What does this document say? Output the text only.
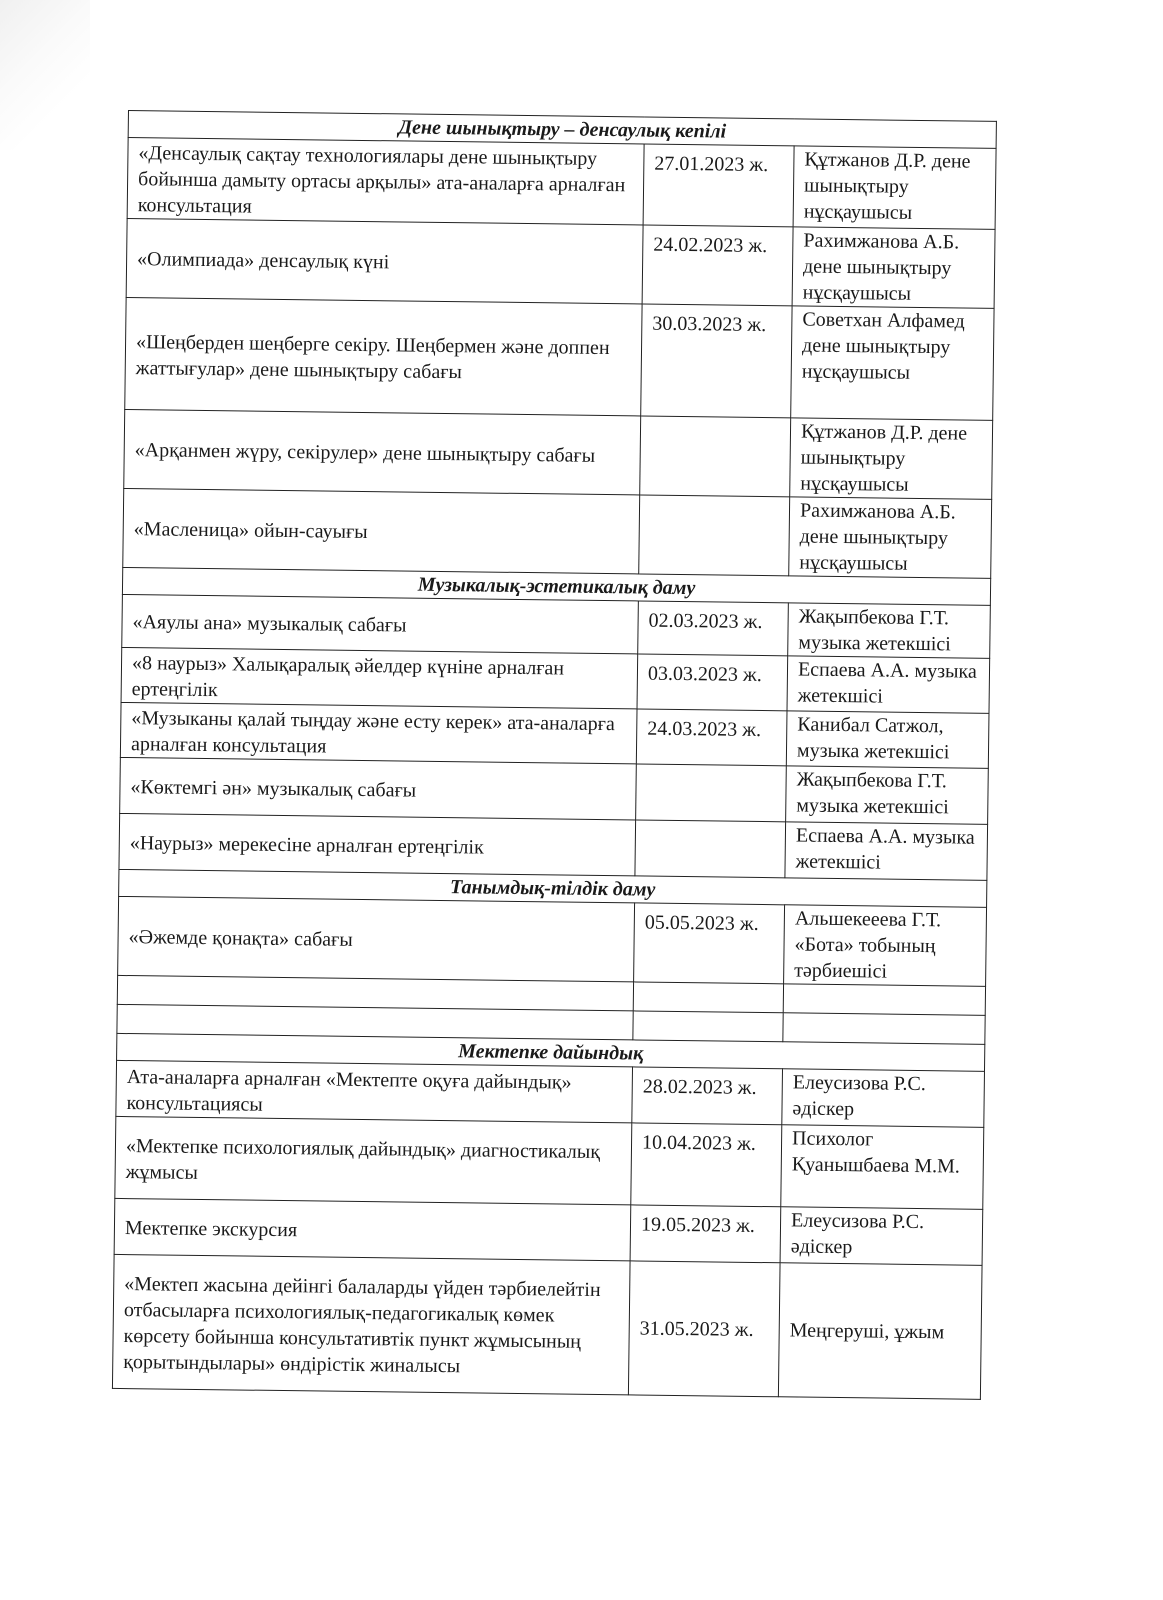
Дене шынықтыру – денсаулық кепілі		
«Денсаулық сақтау технологиялары дене шынықтыру бойынша дамыту ортасы арқылы» ата-аналарға арналған консультация	27.01.2023 ж.	Құтжанов Д.Р. дене шынықтыру нұсқаушысы
«Олимпиада» денсаулық күні	24.02.2023 ж.	Рахимжанова А.Б. дене шынықтыру нұсқаушысы
«Шеңберден шеңберге секіру. Шеңбермен және доппен жаттығулар» дене шынықтыру сабағы	30.03.2023 ж.	Советхан Алфамед дене шынықтыру нұсқаушысы
«Арқанмен жүру, секірулер» дене шынықтыру сабағы		Құтжанов Д.Р. дене шынықтыру нұсқаушысы
«Масленица» ойын-сауығы		Рахимжанова А.Б. дене шынықтыру нұсқаушысы
Музыкалық-эстетикалық даму		
«Аяулы ана» музыкалық сабағы	02.03.2023 ж.	Жақыпбекова Г.Т. музыка жетекшісі
«8 наурыз» Халықаралық әйелдер күніне арналған ертеңгілік	03.03.2023 ж.	Еспаева А.А. музыка жетекшісі
«Музыканы қалай тыңдау және есту керек» ата-аналарға арналған консультация	24.03.2023 ж.	Канибал Сатжол, музыка жетекшісі
«Көктемгі ән» музыкалық сабағы		Жақыпбекова Г.Т. музыка жетекшісі
«Наурыз» мерекесіне арналған ертеңгілік		Еспаева А.А. музыка жетекшісі
Танымдық-тілдік даму		
«Әжемде қонақта» сабағы	05.05.2023 ж.	Альшекееева Г.Т. «Бота» тобының тәрбиешісі

Мектепке дайындық		
Ата-аналарға арналған «Мектепте оқуға дайындық» консультациясы	28.02.2023 ж.	Елеусизова Р.С. әдіскер
«Мектепке психологиялық дайындық» диагностикалық жұмысы	10.04.2023 ж.	Психолог Қуанышбаева М.М.
Мектепке экскурсия	19.05.2023 ж.	Елеусизова Р.С. әдіскер
«Мектеп жасына дейінгі балаларды үйден тәрбиелейтін отбасыларға психологиялық-педагогикалық көмек көрсету бойынша консультативтік пункт жұмысының қорытындылары» өндірістік жиналысы	31.05.2023 ж.	Меңгеруші, ұжым
